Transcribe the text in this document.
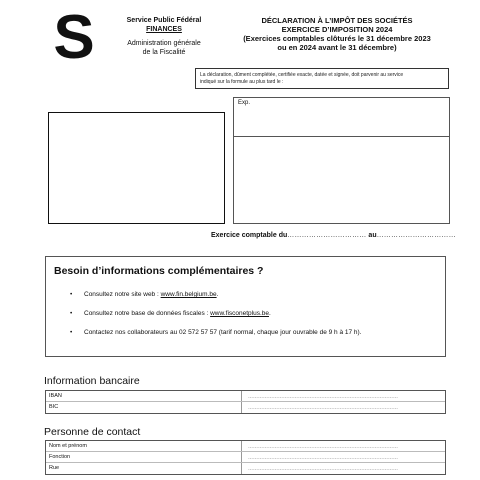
S	Service Public Fédéral
FINANCES
Administration générale
de la Fiscalité
DÉCLARATION À L’IMPÔT DES SOCIÉTÉS
EXERCICE D’IMPOSITION 2024
(Exercices comptables clôturés le 31 décembre 2023
ou en 2024 avant le 31 décembre)
La déclaration, dûment complétée, certifiée exacte, datée et signée, doit parvenir au service
indiqué sur la formule au plus tard le :
Exp.
Exercice comptable du…………………………… au……………………………
Besoin d’informations complémentaires ?
• Consultez notre site web : www.fin.belgium.be.
• Consultez notre base de données fiscales : www.fisconetplus.be.
• Contactez nos collaborateurs au 02 572 57 57 (tarif normal, chaque jour ouvrable de 9 h à 17 h).
Information bancaire
IBAN	………………………………………………………………………………
BIC	………………………………………………………………………………
Personne de contact
Nom et prénom	………………………………………………………………………………
Fonction	………………………………………………………………………………
Rue	………………………………………………………………………………
